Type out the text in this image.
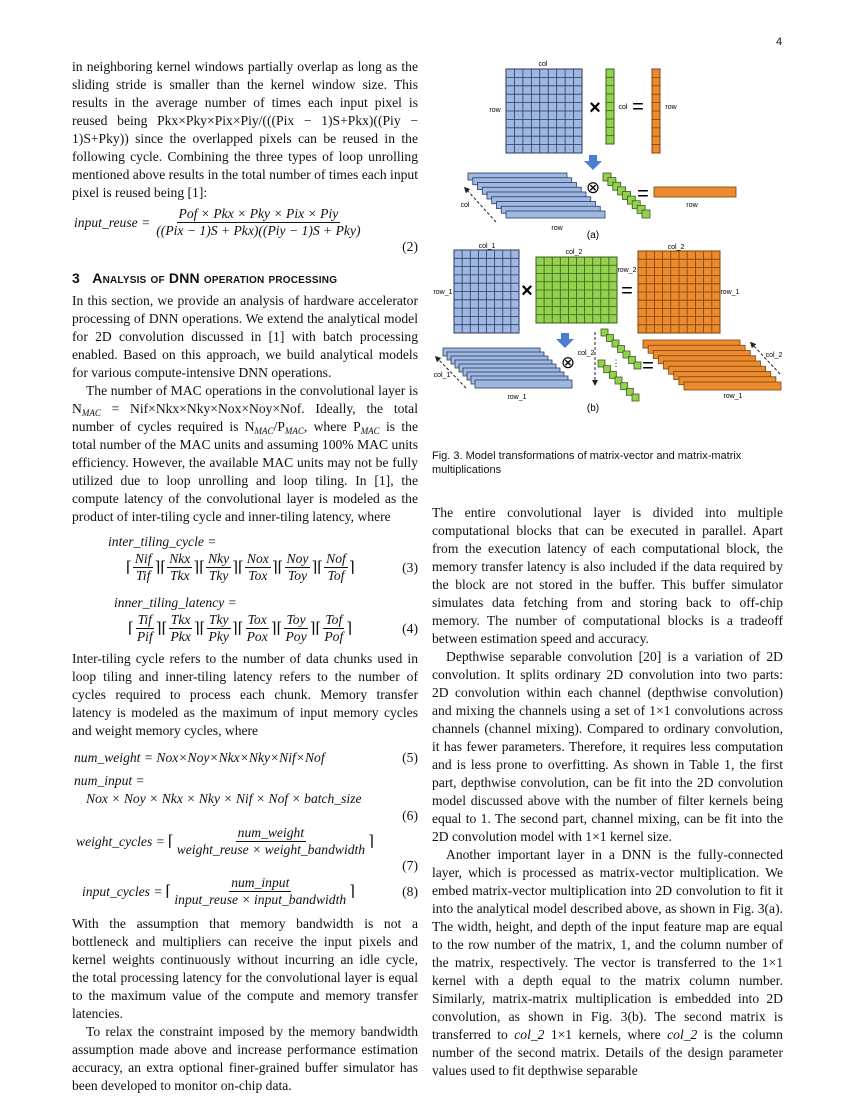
4

in neighboring kernel windows partially overlap as long as the sliding stride is smaller than the kernel window size. This results in the average number of times each input pixel is reused being Pkx×Pky×Pix×Piy/(((Pix − 1)S+Pkx)((Piy − 1)S+Pky)) since the overlapped pixels can be reused in the following cycle. Combining the three types of loop unrolling mentioned above results in the total number of times each input pixel is reused being [1]:

input_reuse = $\frac{\text{Pof × Pkx × Pky × Pix × Piy}}{\text{((Pix − 1)S + Pkx)((Piy − 1)S + Pky)}}$
(2)
3 Analysis of DNN operation processing

In this section, we provide an analysis of hardware accelerator processing of DNN operations. We extend the analytical model for 2D convolution discussed in [1] with batch processing enabled. Based on this approach, we build analytical models for various compute-intensive DNN operations.

The number of MAC operations in the convolutional layer is $N_{MAC} = Nif\times Nkx\times Nky\times Nox\times Noy\times Nof$. Ideally, the total number of cycles required is $N_{MAC}/P_{MAC}$, where $P_{MAC}$ is the total number of the MAC units and assuming 100% MAC units efficiency. However, the available MAC units may not be fully utilized due to loop unrolling and loop tiling. In [1], the compute latency of the convolutional layer is modeled as the product of inter-tiling cycle and inner-tiling latency, where

inter_tiling_cycle =
⌈ $\frac{\text{Nif}}{\text{Tif}}$ ⌉⌈ $\frac{\text{Nkx}}{\text{Tkx}}$ ⌉⌈ $\frac{\text{Nky}}{\text{Tky}}$ ⌉⌈ $\frac{\text{Nox}}{\text{Tox}}$ ⌉⌈ $\frac{\text{Noy}}{\text{Toy}}$ ⌉⌈ $\frac{\text{Nof}}{\text{Tof}}$ ⌉	(3)
inner_tiling_latency =
⌈ $\frac{\text{Tif}}{\text{Pif}}$ ⌉⌈ $\frac{\text{Tkx}}{\text{Pkx}}$ ⌉⌈ $\frac{\text{Tky}}{\text{Pky}}$ ⌉⌈ $\frac{\text{Tox}}{\text{Pox}}$ ⌉⌈ $\frac{\text{Toy}}{\text{Poy}}$ ⌉⌈ $\frac{\text{Tof}}{\text{Pof}}$ ⌉	(4)

Inter-tiling cycle refers to the number of data chunks used in loop tiling and inner-tiling latency refers to the number of cycles required to process each chunk. Memory transfer latency is modeled as the maximum of input memory cycles and weight memory cycles, where

num_weight = Nox×Noy×Nkx×Nky×Nif×Nof	(5)
num_input =
Nox × Noy × Nkx × Nky × Nif × Nof × batch_size
(6)
weight_cycles = ⌈ $\frac{\text{num\_weight}}{\text{weight\_reuse × weight\_bandwidth}}$ ⌉
(7)
input_cycles = ⌈ $\frac{\text{num\_input}}{\text{input\_reuse × input\_bandwidth}}$ ⌉	(8)

With the assumption that memory bandwidth is not a bottleneck and multipliers can receive the input pixels and kernel weights continuously without incurring an idle cycle, the total processing latency for the convolutional layer is equal to the maximum value of the compute and memory transfer latencies.

To relax the constraint imposed by the memory bandwidth assumption made above and increase performance estimation accuracy, an extra optional finer-grained buffer simulator has been developed to monitor on-chip data.

col
row	×	col =	row
col
row
⊗ =
row
(a)
col_1
row_1	×
col_2
row_2
=
col_2
row_1
col_1
row_1
⊗ col_2
⋮ =	col_2
row_1
(b)
Fig. 3. Model transformations of matrix-vector and matrix-matrix multiplications

The entire convolutional layer is divided into multiple computational blocks that can be executed in parallel. Apart from the execution latency of each computational block, the memory transfer latency is also included if the data required by the block are not stored in the buffer. This buffer simulator simulates data fetching from and storing back to off-chip memory. The number of computational blocks is a tradeoff between estimation speed and accuracy.

Depthwise separable convolution [20] is a variation of 2D convolution. It splits ordinary 2D convolution into two parts: 2D convolution within each channel (depthwise convolution) and mixing the channels using a set of 1×1 convolutions across channels (channel mixing). Compared to ordinary convolution, it has fewer parameters. Therefore, it requires less computation and is less prone to overfitting. As shown in Table 1, the first part, depthwise convolution, can be fit into the 2D convolution model discussed above with the number of filter kernels being equal to 1. The second part, channel mixing, can be fit into the 2D convolution model with 1×1 kernel size.

Another important layer in a DNN is the fully-connected layer, which is processed as matrix-vector multiplication. We embed matrix-vector multiplication into 2D convolution to fit it into the analytical model described above, as shown in Fig. 3(a). The width, height, and depth of the input feature map are equal to the row number of the matrix, 1, and the column number of the matrix, respectively. The vector is transferred to the 1×1 kernel with a depth equal to the matrix column number. Similarly, matrix-matrix multiplication is embedded into 2D convolution, as shown in Fig. 3(b). The second matrix is transferred to col_2 1×1 kernels, where col_2 is the column number of the second matrix. Details of the design parameter values used to fit depthwise separable
